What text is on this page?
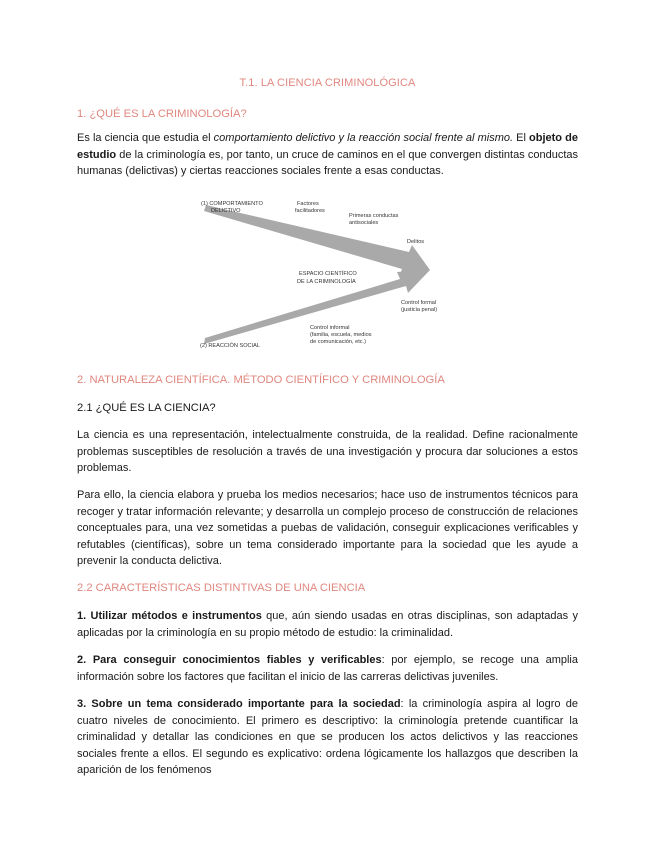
T.1. LA CIENCIA CRIMINOLÓGICA
1. ¿QUÉ ES LA CRIMINOLOGÍA?
Es la ciencia que estudia el comportamiento delictivo y la reacción social frente al mismo. El objeto de estudio de la criminología es, por tanto, un cruce de caminos en el que convergen distintas conductas humanas (delictivas) y ciertas reacciones sociales frente a esas conductas.
(1) COMPORTAMIENTO
DELICTIVO
Factores
facilitadores
Primeras conductas
antisociales
Delitos
ESPACIO CIENTÍFICO
DE LA CRIMINOLOGÍA
Control formal
(justicia penal)
Control informal
(familia, escuela, medios
de comunicación, etc.)
(2) REACCIÓN SOCIAL
2. NATURALEZA CIENTÍFICA. MÉTODO CIENTÍFICO Y CRIMINOLOGÍA
2.1 ¿QUÉ ES LA CIENCIA?
La ciencia es una representación, intelectualmente construida, de la realidad. Define racionalmente problemas susceptibles de resolución a través de una investigación y procura dar soluciones a estos problemas.
Para ello, la ciencia elabora y prueba los medios necesarios; hace uso de instrumentos técnicos para recoger y tratar información relevante; y desarrolla un complejo proceso de construcción de relaciones conceptuales para, una vez sometidas a puebas de validación, conseguir explicaciones verificables y refutables (científicas), sobre un tema considerado importante para la sociedad que les ayude a prevenir la conducta delictiva.
2.2 CARACTERÍSTICAS DISTINTIVAS DE UNA CIENCIA
1. Utilizar métodos e instrumentos que, aún siendo usadas en otras disciplinas, son adaptadas y aplicadas por la criminología en su propio método de estudio: la criminalidad.
2. Para conseguir conocimientos fiables y verificables: por ejemplo, se recoge una amplia información sobre los factores que facilitan el inicio de las carreras delictivas juveniles.
3. Sobre un tema considerado importante para la sociedad: la criminología aspira al logro de cuatro niveles de conocimiento. El primero es descriptivo: la criminología pretende cuantificar la criminalidad y detallar las condiciones en que se producen los actos delictivos y las reacciones sociales frente a ellos. El segundo es explicativo: ordena lógicamente los hallazgos que describen la aparición de los fenómenos
